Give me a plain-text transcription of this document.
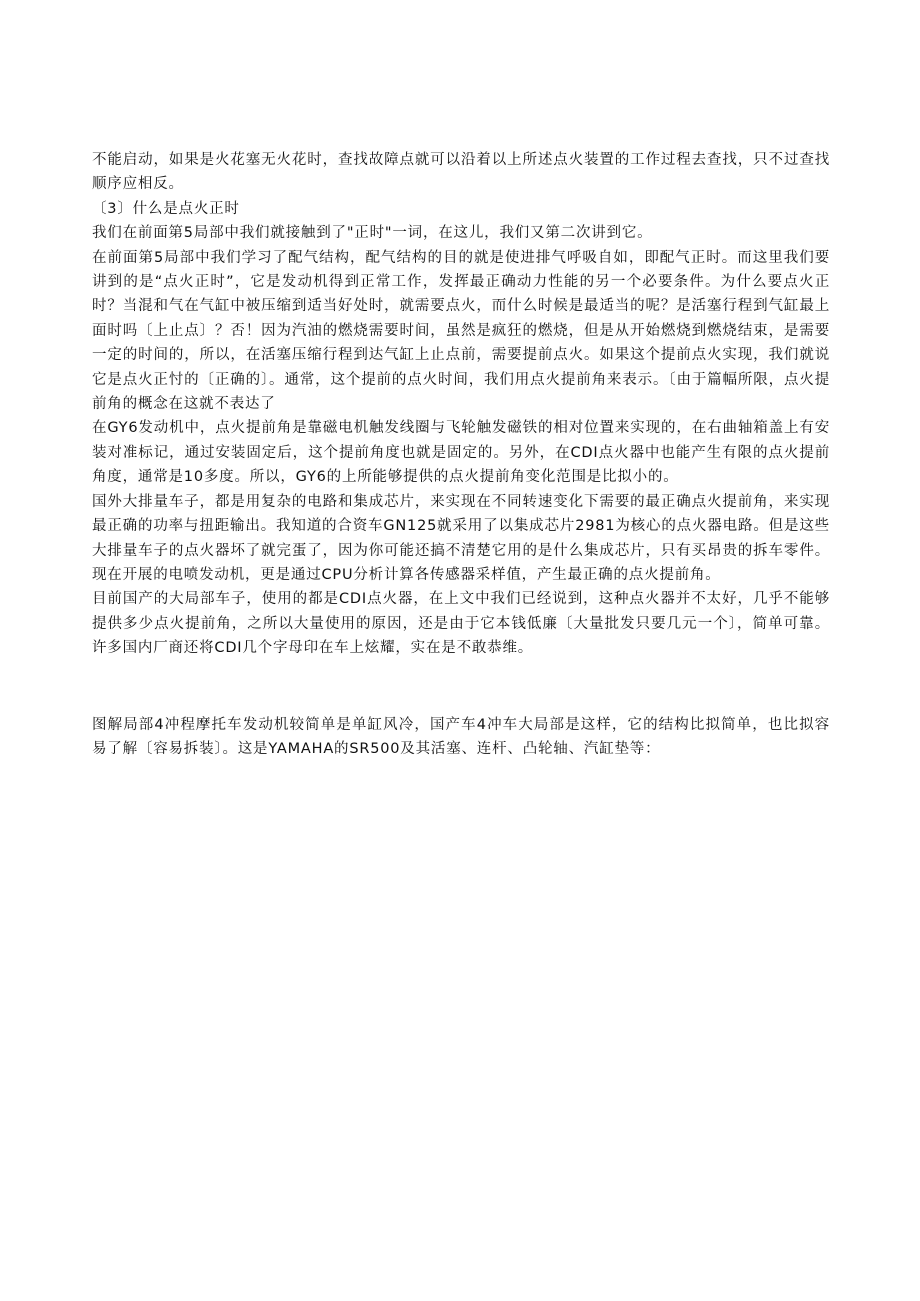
不能启动，如果是火花塞无火花时，查找故障点就可以沿着以上所述点火装置的工作过程去查找，只不过查找顺序应相反。

〔3〕什么是点火正时

我们在前面第5局部中我们就接触到了"正时"一词，在这儿，我们又第二次讲到它。

在前面第5局部中我们学习了配气结构，配气结构的目的就是使进排气呼吸自如，即配气正时。而这里我们要讲到的是“点火正时”，它是发动机得到正常工作，发挥最正确动力性能的另一个必要条件。为什么要点火正时？当混和气在气缸中被压缩到适当好处时，就需要点火，而什么时候是最适当的呢？是活塞行程到气缸最上面时吗〔上止点〕？否！因为汽油的燃烧需要时间，虽然是疯狂的燃烧，但是从开始燃烧到燃烧结束，是需要一定的时间的，所以，在活塞压缩行程到达气缸上止点前，需要提前点火。如果这个提前点火实现，我们就说它是点火正忖的〔正确的〕。通常，这个提前的点火时间，我们用点火提前角来表示。〔由于篇幅所限，点火提前角的概念在这就不表达了

在GY6发动机中，点火提前角是靠磁电机触发线圈与飞轮触发磁铁的相对位置来实现的，在右曲轴箱盖上有安装对准标记，通过安装固定后，这个提前角度也就是固定的。另外，在CDI点火器中也能产生有限的点火提前角度，通常是10多度。所以，GY6的上所能够提供的点火提前角变化范围是比拟小的。

国外大排量车子，都是用复杂的电路和集成芯片，来实现在不同转速变化下需要的最正确点火提前角，来实现最正确的功率与扭距输出。我知道的合资车GN125就采用了以集成芯片2981为核心的点火器电路。但是这些大排量车子的点火器坏了就完蛋了，因为你可能还搞不清楚它用的是什么集成芯片，只有买昂贵的拆车零件。现在开展的电喷发动机，更是通过CPU分析计算各传感器采样值，产生最正确的点火提前角。

目前国产的大局部车子，使用的都是CDI点火器，在上文中我们已经说到，这种点火器并不太好，几乎不能够提供多少点火提前角，之所以大量使用的原因，还是由于它本钱低廉〔大量批发只要几元一个〕，简单可靠。许多国内厂商还将CDI几个字母印在车上炫耀，实在是不敢恭维。

图解局部4冲程摩托车发动机较简单是单缸风冷，国产车4冲车大局部是这样，它的结构比拟简单，也比拟容易了解〔容易拆装〕。这是YAMAHA的SR500及其活塞、连杆、凸轮轴、汽缸垫等：
